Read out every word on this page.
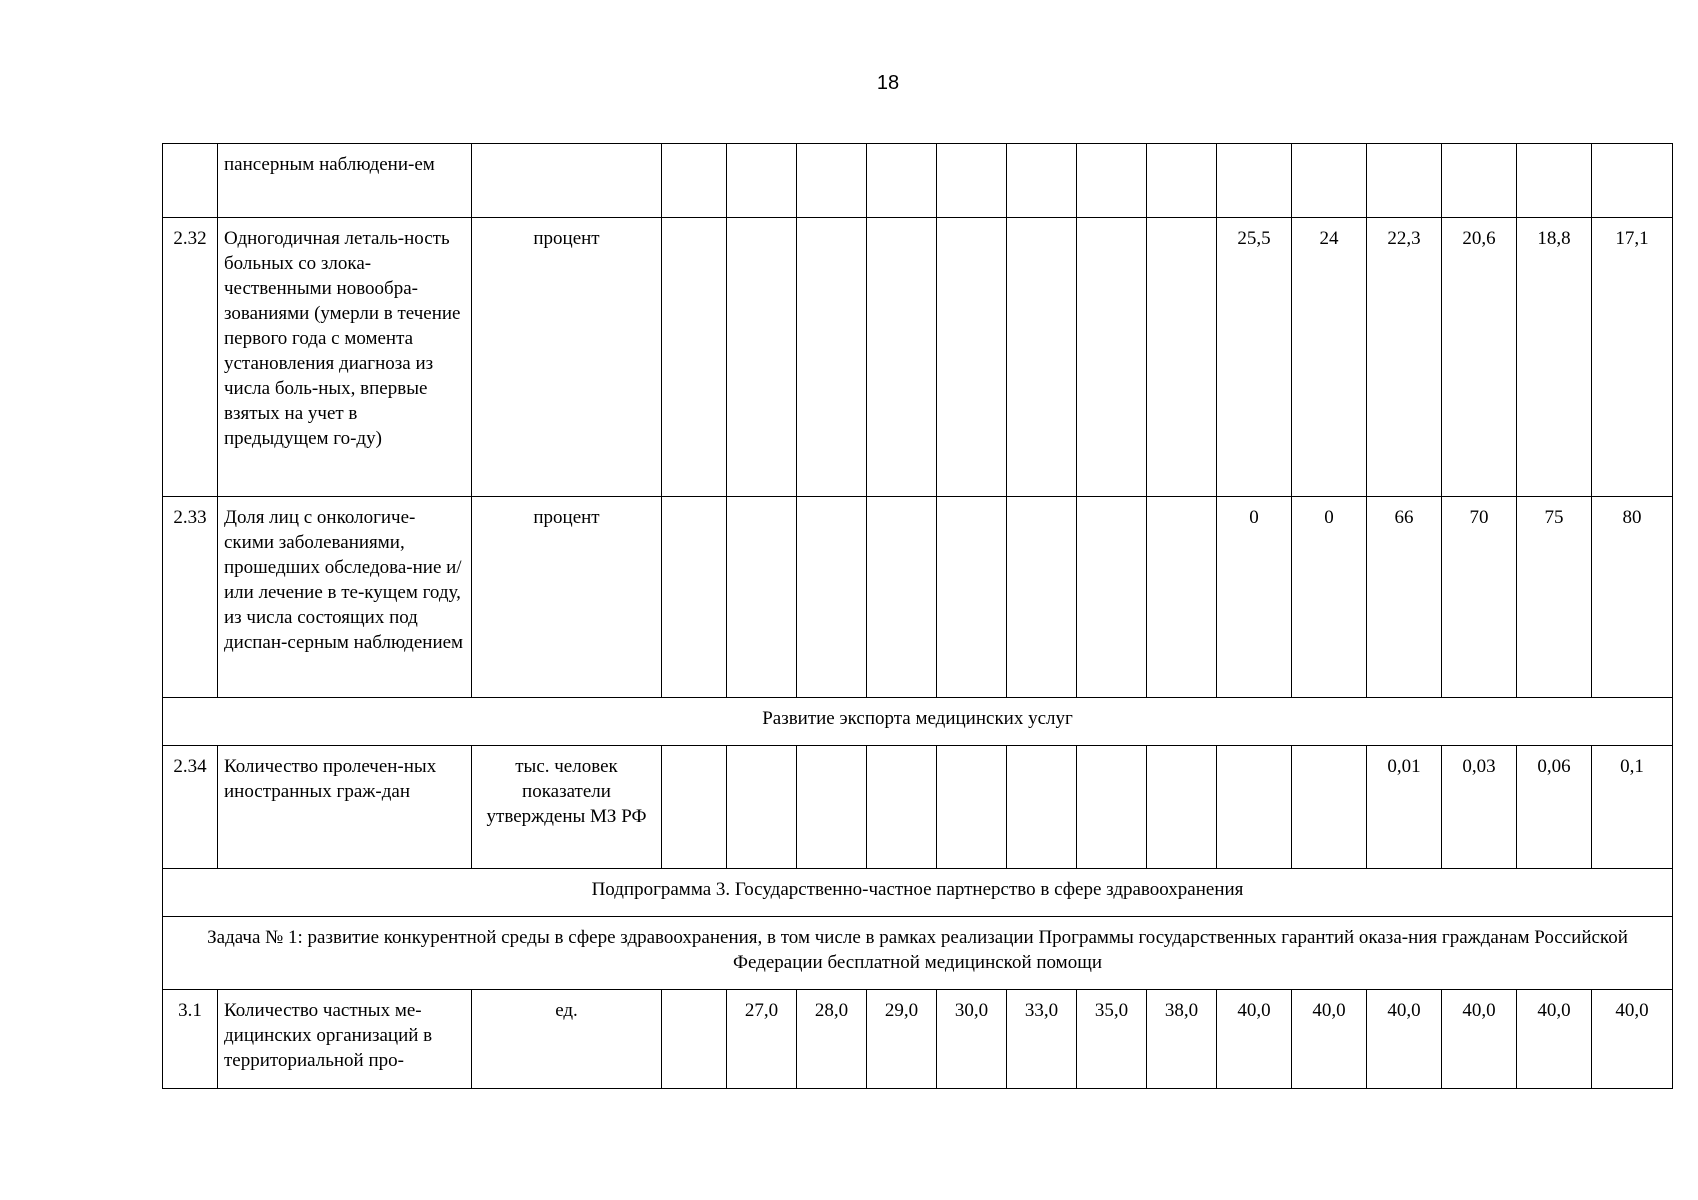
18
	пансерным наблюдени-ем															
2.32	Одногодичная леталь-ность больных со злока-чественными новообра-зованиями (умерли в течение первого года с момента установления диагноза из числа боль-ных, впервые взятых на учет в предыдущем го-ду)	процент									25,5	24	22,3	20,6	18,8	17,1
2.33	Доля лиц с онкологиче-скими заболеваниями, прошедших обследова-ние и/или лечение в те-кущем году, из числа состоящих под диспан-серным наблюдением	процент									0	0	66	70	75	80
Развитие экспорта медицинских услуг																
2.34	Количество пролечен-ных иностранных граж-дан	тыс. человек показатели утверждены МЗ РФ											0,01	0,03	0,06	0,1
Подпрограмма 3. Государственно-частное партнерство в сфере здравоохранения																
Задача № 1: развитие конкурентной среды в сфере здравоохранения, в том числе в рамках реализации Программы государственных гарантий оказа-ния гражданам Российской Федерации бесплатной медицинской помощи																
3.1	Количество частных ме-дицинских организаций в территориальной про-	ед.		27,0	28,0	29,0	30,0	33,0	35,0	38,0	40,0	40,0	40,0	40,0	40,0	40,0
